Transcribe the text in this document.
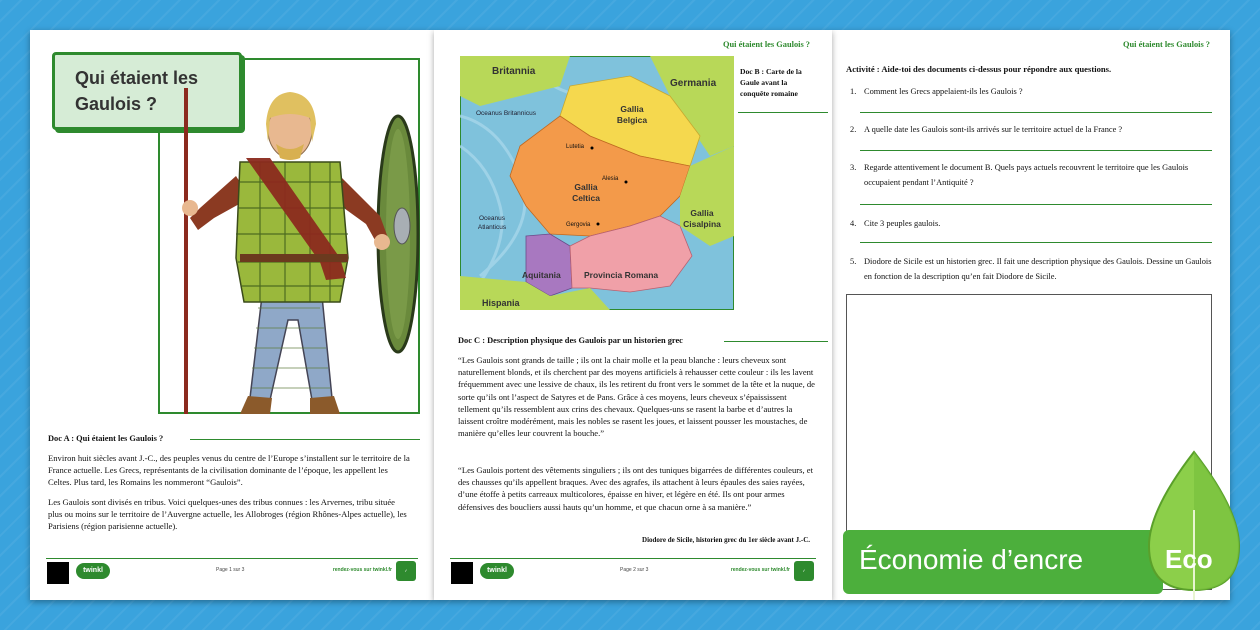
Qui étaient les Gaulois ?
Doc A : Qui étaient les Gaulois ?

Environ huit siècles avant J.-C., des peuples venus du centre de l’Europe s’installent sur le territoire de la France actuelle. Les Grecs, représentants de la civilisation dominante de l’époque, les appellent les Celtes. Plus tard, les Romains les nommeront “Gaulois”.

Les Gaulois sont divisés en tribus. Voici quelques-unes des tribus connues : les Arvernes, tribu située plus ou moins sur le territoire de l’Auvergne actuelle, les Allobroges (région Rhônes-Alpes actuelle), les Parisiens (région parisienne actuelle).

twinkl	Page 1 sur 3	rendez-vous sur twinkl.fr	✓
Qui étaient les Gaulois ?
Britannia
Germania
Oceanus Britannicus	Gallia Belgica
Lutetia
Alesia
Gallia Celtica
Oceanus Atlanticus	Gergovia
Gallia Cisalpina
Aquitania	Provincia Romana
Hispania
Doc B : Carte de la Gaule avant la conquête romaine
Doc C : Description physique des Gaulois par un historien grec

“Les Gaulois sont grands de taille ; ils ont la chair molle et la peau blanche : leurs cheveux sont naturellement blonds, et ils cherchent par des moyens artificiels à rehausser cette couleur : ils les lavent fréquemment avec une lessive de chaux, ils les retirent du front vers le sommet de la tête et la nuque, de sorte qu’ils ont l’aspect de Satyres et de Pans. Grâce à ces moyens, leurs cheveux s’épaississent tellement qu’ils ressemblent aux crins des chevaux. Quelques-uns se rasent la barbe et d’autres la laissent croître modérément, mais les nobles se rasent les joues, et laissent pousser les moustaches, de manière qu’elles leur couvrent la bouche.”

“Les Gaulois portent des vêtements singuliers ; ils ont des tuniques bigarrées de différentes couleurs, et des chausses qu’ils appellent braques. Avec des agrafes, ils attachent à leurs épaules des saies rayées, d’une étoffe à petits carreaux multicolores, épaisse en hiver, et légère en été. Ils ont pour armes défensives des boucliers aussi hauts qu’un homme, et que chacun orne à sa manière.”

Diodore de Sicile, historien grec du 1er siècle avant J.-C.
twinkl	Page 2 sur 3	rendez-vous sur twinkl.fr	✓
Qui étaient les Gaulois ?
Activité : Aide-toi des documents ci-dessus pour répondre aux questions.
1. Comment les Grecs appelaient-ils les Gaulois ?
2. A quelle date les Gaulois sont-ils arrivés sur le territoire actuel de la France ?
3. Regarde attentivement le document B. Quels pays actuels recouvrent le territoire que les Gaulois occupaient pendant l’Antiquité ?
4. Cite 3 peuples gaulois.
5. Diodore de Sicile est un historien grec. Il fait une description physique des Gaulois. Dessine un Gaulois en fonction de la description qu’en fait Diodore de Sicile.
Économie d’encre	Eco
